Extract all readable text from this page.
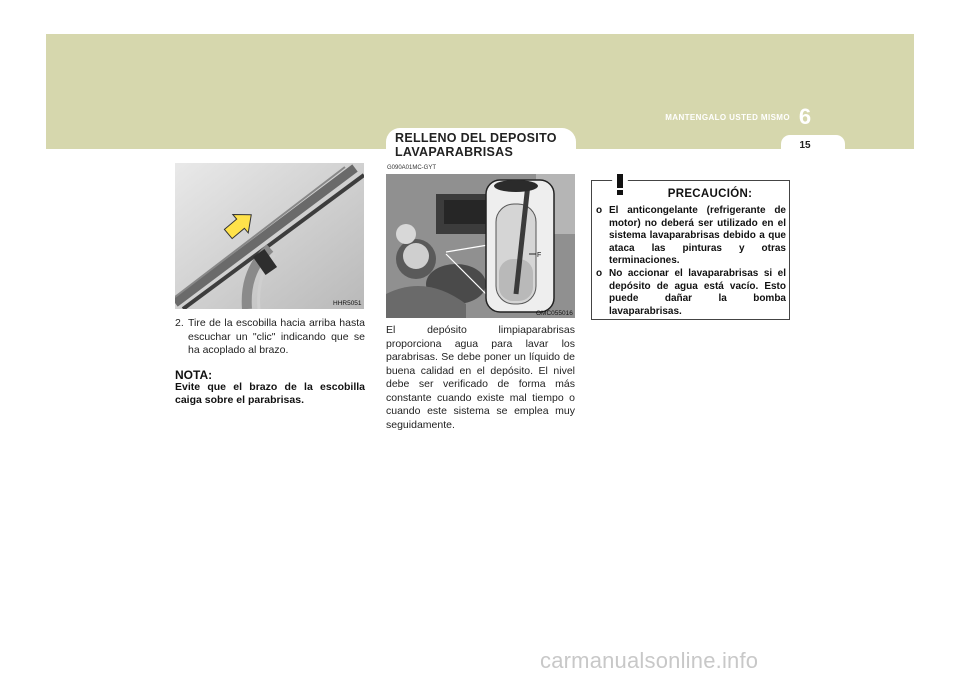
6
MANTENGALO USTED MISMO
15
HHR5051
2. Tire de la escobilla hacia arriba hasta escuchar un "clic" indicando que se ha acoplado al brazo.
NOTA:
Evite que el brazo de la escobilla caiga sobre el parabrisas.
RELLENO DEL DEPOSITO
LAVAPARABRISAS
G090A01MC-GYT
F
OMC055016
El depósito limpiaparabrisas proporciona agua para lavar los parabrisas. Se debe poner un líquido de buena calidad en el depósito. El nivel debe ser verificado de forma más constante cuando existe mal tiempo o cuando este sistema se emplea muy seguidamente.
PRECAUCIÓN:
o El anticongelante (refrigerante de motor) no deberá ser utilizado en el sistema lavaparabrisas debido a que ataca las pinturas y otras terminaciones.
o No accionar el lavaparabrisas si el depósito de agua está vacío. Esto puede dañar la bomba lavaparabrisas.
carmanualsonline.info
